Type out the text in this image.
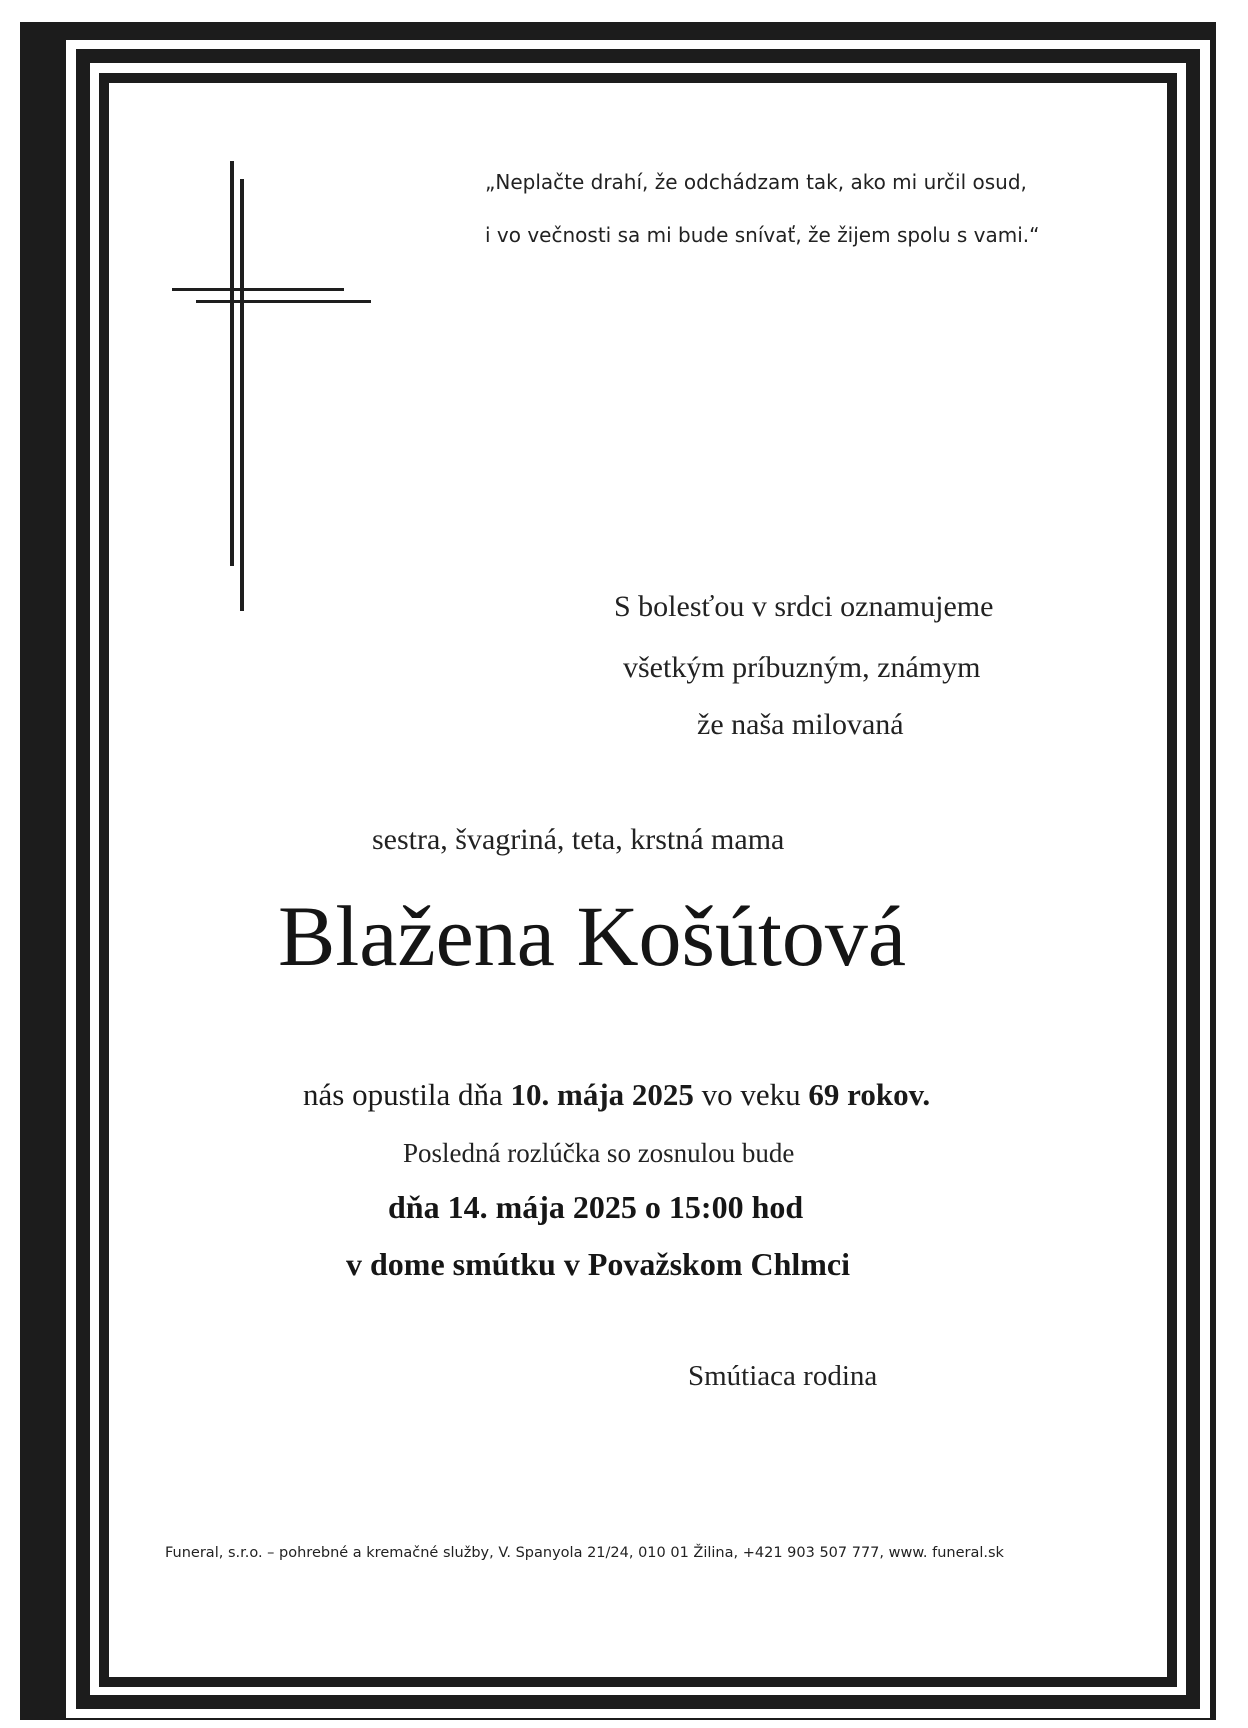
„Neplačte drahí, že odchádzam tak, ako mi určil osud,
i vo večnosti sa mi bude snívať, že žijem spolu s vami.“
S bolesťou v srdci oznamujeme
všetkým príbuzným, známym
že naša milovaná
sestra, švagriná, teta, krstná mama
Blažena Košútová
nás opustila dňa 10. mája 2025 vo veku 69 rokov.
Posledná rozlúčka so zosnulou bude
dňa 14. mája 2025 o 15:00 hod
v dome smútku v Považskom Chlmci
Smútiaca rodina
Funeral, s.r.o. – pohrebné a kremačné služby, V. Spanyola 21/24, 010 01 Žilina, +421 903 507 777, www. funeral.sk
